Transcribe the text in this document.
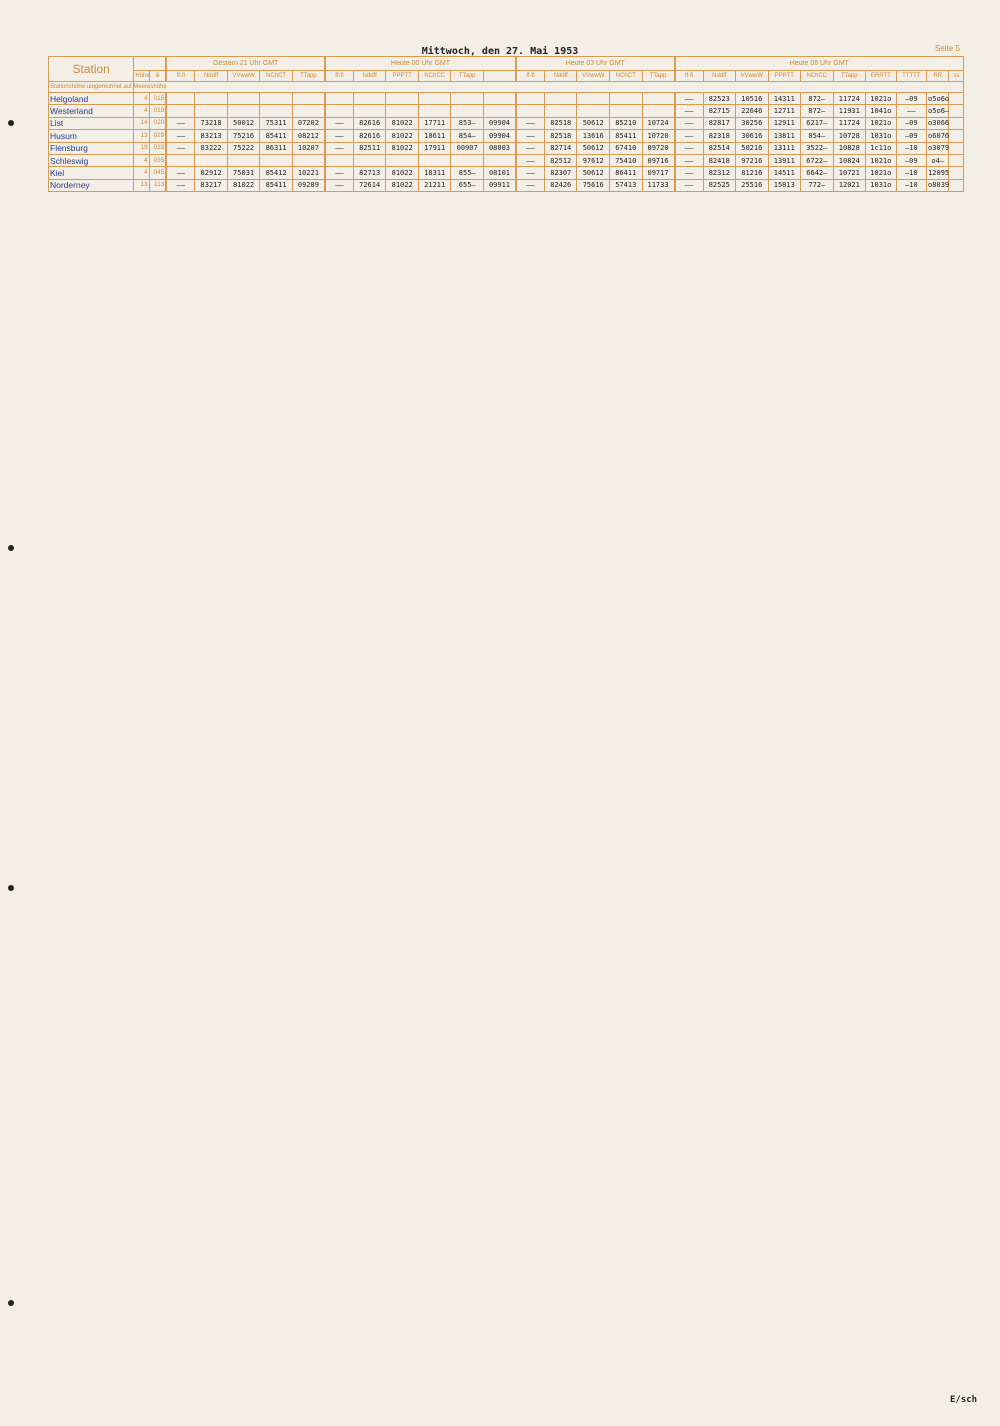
Mittwoch, den 27. Mai 1953	Seite 5
Station			Gestern 21 Uhr GMT					Heute 00 Uhr GMT						Heute 03 Uhr GMT					Heute 06 Uhr GMT									
	Höhe	iii	ff-fl	Nddff	VVwwW	NChCT	TTapp	ff-fl	Nddff	PPPTT	NChCC	TTapp		ff-fl	Nddff	VVwwW	NChCT	TTapp	ff-fl	Nddff	VVwwW	PPPTT	NChCC	TTapp	ERRTT	TTTTT	RR	ss
Stationshöhe umgerechnet auf Meereshöhe																												
Helgoland	4	015																	——	82523	10516	14311	872—	11724	1021o	—09	o5o6o	
Westerland	4	019																	——	82715	22646	12711	872—	11931	1041o	——	o5o6—	
List	14	020	——	73218	50012	75311	07202	——	82616	81022	17711	853—	09904	——	82518	50612	85210	10724	——	82817	30256	12911	6217—	11724	1021o	—09	o3066	
Husum	13	029	——	83213	75216	85411	08212	——	82616	81022	18611	854—	09904	——	82518	13616	85411	10720	——	82318	30616	13811	854—	10728	1031o	—09	o6076	
Flensburg	19	033	——	83222	75222	86311	10207	——	82511	81022	17911	00907	08003	——	82714	50612	67410	09720	——	82514	50216	13111	3522—	10828	1c11o	—10	o3079	
Schleswig	4	035												——	82512	97612	75410	09716	——	82418	97216	13911	6722—	10824	1021o	—09	o4—	
Kiel	4	045	——	82912	75031	85412	10221	——	82713	81022	18311	855—	08101	——	82307	50612	86411	09717	——	82312	81216	14511	6642—	10721	1021o	—10	12095	
Norderney	13	113	——	83217	81022	85411	09209	——	72614	81022	21211	655—	09911	——	82426	75616	57413	11733	——	82525	25516	15813	772—	12021	1031o	—10	o8039	
E/sch
